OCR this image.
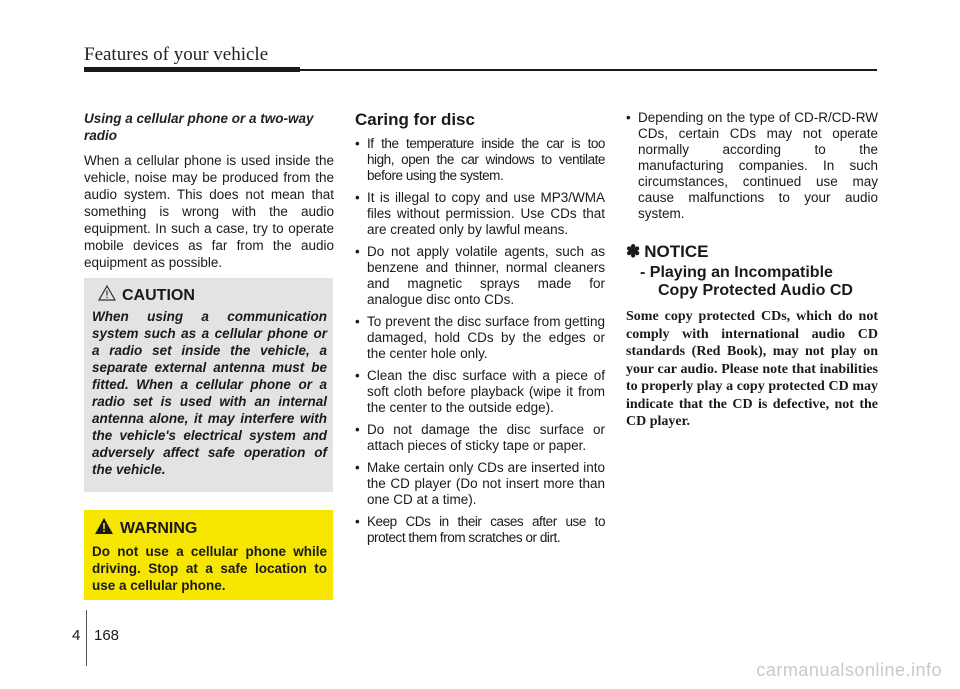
Features of your vehicle

Using a cellular phone or a two-way radio

When a cellular phone is used inside the vehicle, noise may be produced from the audio system. This does not mean that something is wrong with the audio equipment. In such a case, try to operate mobile devices as far from the audio equipment as possible.

CAUTION

When using a communication system such as a cellular phone or a radio set inside the vehicle, a separate external antenna must be fitted. When a cellular phone or a radio set is used with an internal antenna alone, it may interfere with the vehicle's electrical system and adversely affect safe operation of the vehicle.

WARNING

Do not use a cellular phone while driving. Stop at a safe location to use a cellular phone.

Caring for disc
• If the temperature inside the car is too high, open the car windows to ventilate before using the system.
• It is illegal to copy and use MP3/WMA files without permission. Use CDs that are created only by lawful means.
• Do not apply volatile agents, such as benzene and thinner, normal cleaners and magnetic sprays made for analogue disc onto CDs.
• To prevent the disc surface from getting damaged, hold CDs by the edges or the center hole only.
• Clean the disc surface with a piece of soft cloth before playback (wipe it from the center to the outside edge).
• Do not damage the disc surface or attach pieces of sticky tape or paper.
• Make certain only CDs are inserted into the CD player (Do not insert more than one CD at a time).
• Keep CDs in their cases after use to protect them from scratches or dirt.
• Depending on the type of CD-R/CD-RW CDs, certain CDs may not operate normally according to the manufacturing companies. In such circumstances, continued use may cause malfunctions to your audio system.
✽ NOTICE
- Playing an Incompatible
Copy Protected Audio CD

Some copy protected CDs, which do not comply with international audio CD standards (Red Book), may not play on your car audio. Please note that inabilities to properly play a copy protected CD may indicate that the CD is defective, not the CD player.

4 168
carmanualsonline.info
